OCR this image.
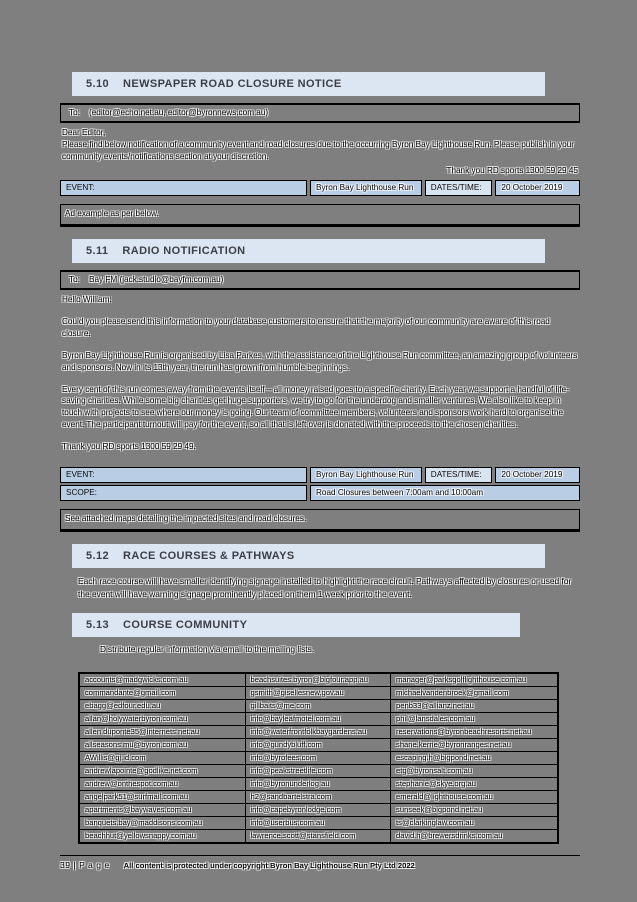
5.10 NEWSPAPER ROAD CLOSURE NOTICE
To:    (editor@echo.net.au, editor@byronnews.com.au)
Dear Editor,
Please find below notification of a community event and road closures due to the occurring Byron Bay Lighthouse Run. Please publish in your community events/notifications section at your discretion.
Thank you RD sports 1300 59 29 45
EVENT:	Byron Bay Lighthouse Run	DATES/TIME:	20 October 2019
Ad example as per below.
5.11 RADIO NOTIFICATION
To:    Bay FM (jack.studio@bayfm.com.au)
Hello William:
Could you please send this information to your database customers to ensure that the majority of our community are aware of this road closure.
Byron Bay Lighthouse Run is organised by Lisa Parkes, with the assistance of the Lighthouse Run committee, an amazing group of volunteers and sponsors. Now in its 13th year, the run has grown from humble beginnings.
Every cent of this run comes away from the events itself – all money raised goes to a specific charity. Each year we support a handful of life-saving charities. While some big charities get huge supporters, we try to go for the underdog and smaller ventures. We also like to keep in touch with projects to see where our money is going. Our team of committee members, volunteers and sponsors work hard to organise the event. The participant turnout will pay for the event, so all that is left over is donated with the proceeds to the chosen charities.
Thank you RD sports 1300 59 29 49.
EVENT:	Byron Bay Lighthouse Run	DATES/TIME:	20 October 2019
SCOPE:	Road Closures between 7:00am and 10:00am
See attached maps detailing the impacted sites and road closures.
5.12 RACE COURSES & PATHWAYS
Each race course will have smaller identifying signage installed to highlight the race circuit. Pathways affected by closures or used for the event will have warning signage prominently placed on them 1 week prior to the event.
5.13 COURSE COMMUNITY
Distribute regular information via email to the mailing lists.
accounts@madgwicks.com.au	beachsuites.byron@bigfour.app.au	manager@parksgolflighthouse.com.au
commandante@gmail.com	gsmith@gisellesnew.gov.au	michaelvandenbroek@gmail.com
ebagg@edfour.edu.au	gillbaits@me.com	penb33@allianz.net.au
allan@holywaterbyron.com.au	info@bayleafmotel.com.au	phil@lansdales.com.au
allen.duponte35@internets.net.au	info@waterfrontfolkbaygardens.au	reservations@byronbeachresorts.net.au
allseasons.mu@byron.com.au	info@gundybluff.com	shane.kerrie@byronranges.net.au
AWillis@gj.id.com	info@byrofees.com	escaping.h@bigpond.net.au
andrewlapointe@godlike.net.com	info@peakstreetlife.com	etg@byronsalt.com.au
andrew@onthespot.com.au	info@byronunderlog.au	stephanie@skye.org.au
angelpark51@surfmail.com.au	h2@sandbartelstra.com	emerald@lighthouse.com.au
apartments@baywaves.com.au	info@capebyronlodge.com	sunseek@bigpond.net.au
banquets.bay@maddisons.com.au	info@userbus.com.au	ts@clarkinglaw.com.au
beachhut@yellowsnappy.com.au	lawrence.scott@stansfield.com	david.h@brewersdrinks.com.au
39 | P a g e All content is protected under copyright Byron Bay Lighthouse Run Pty Ltd 2022
